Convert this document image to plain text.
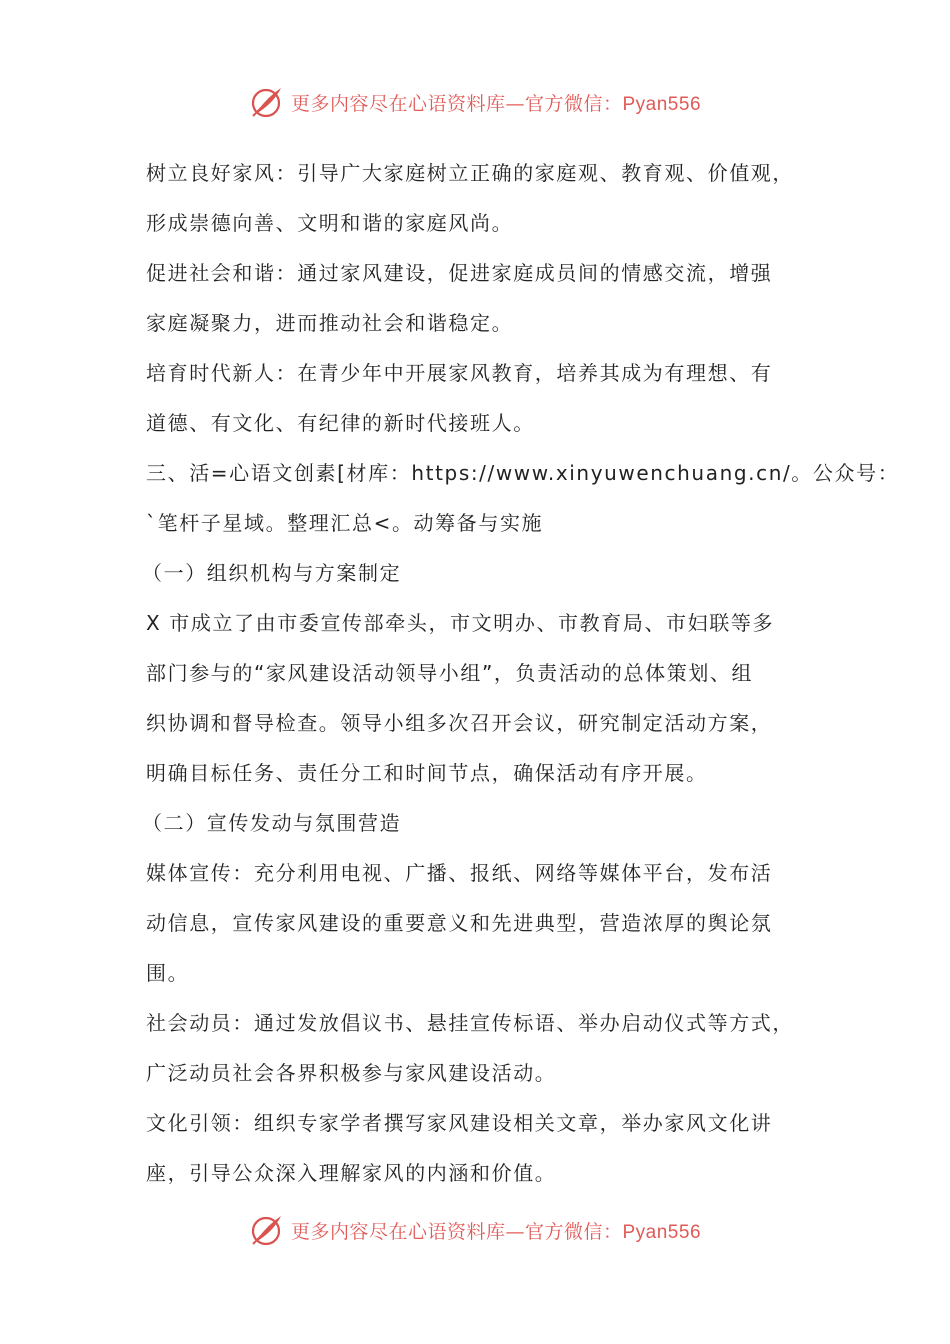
更多内容尽在心语资料库—官方微信：Pyan556
树立良好家风：引导广大家庭树立正确的家庭观、教育观、价值观，
形成崇德向善、文明和谐的家庭风尚。
促进社会和谐：通过家风建设，促进家庭成员间的情感交流，增强
家庭凝聚力，进而推动社会和谐稳定。
培育时代新人：在青少年中开展家风教育，培养其成为有理想、有
道德、有文化、有纪律的新时代接班人。
三、活=心语文创素[材库：https://www.xinyuwenchuang.cn/。公众号：
`笔杆子星域。整理汇总<。动筹备与实施
（一）组织机构与方案制定
X 市成立了由市委宣传部牵头，市文明办、市教育局、市妇联等多
部门参与的“家风建设活动领导小组”，负责活动的总体策划、组
织协调和督导检查。领导小组多次召开会议，研究制定活动方案，
明确目标任务、责任分工和时间节点，确保活动有序开展。
（二）宣传发动与氛围营造
媒体宣传：充分利用电视、广播、报纸、网络等媒体平台，发布活
动信息，宣传家风建设的重要意义和先进典型，营造浓厚的舆论氛
围。
社会动员：通过发放倡议书、悬挂宣传标语、举办启动仪式等方式，
广泛动员社会各界积极参与家风建设活动。
文化引领：组织专家学者撰写家风建设相关文章，举办家风文化讲
座，引导公众深入理解家风的内涵和价值。
更多内容尽在心语资料库—官方微信：Pyan556
